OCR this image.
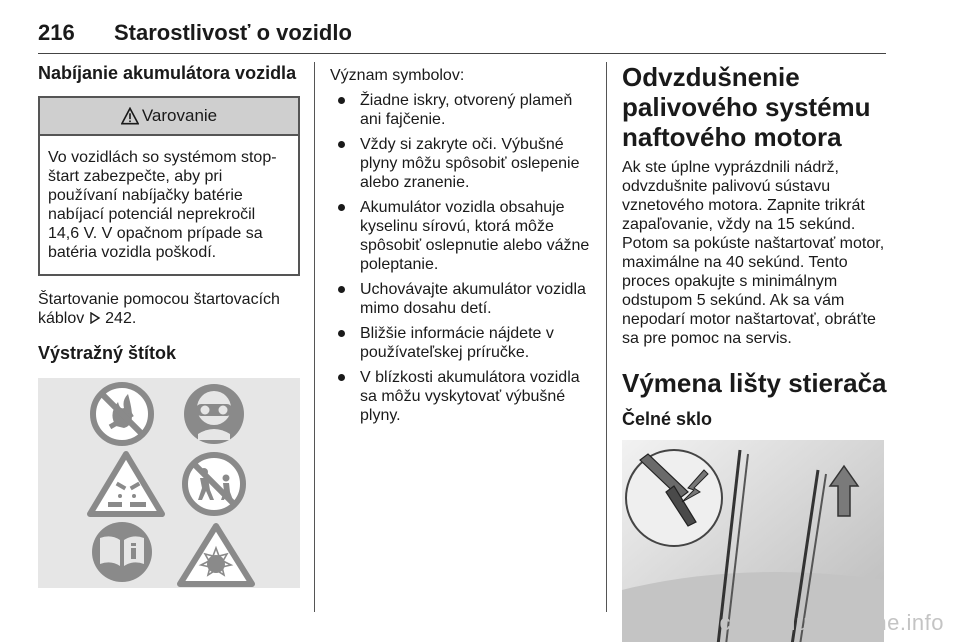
216 Starostlivosť o vozidlo
Nabíjanie akumulátora vozidla
Varovanie
Vo vozidlách so systémom stop-štart zabezpečte, aby pri používaní nabíjačky batérie nabíjací potenciál neprekročil 14,6 V. V opačnom prípade sa batéria vozidla poškodí.

Štartovanie pomocou štartovacích káblov 242.

Výstražný štítok

Význam symbolov:

Žiadne iskry, otvorený plameň ani fajčenie.
Vždy si zakryte oči. Výbušné plyny môžu spôsobiť oslepenie alebo zranenie.
Akumulátor vozidla obsahuje kyselinu sírovú, ktorá môže spôsobiť oslepnutie alebo vážne poleptanie.
Uchovávajte akumulátor vozidla mimo dosahu detí.
Bližšie informácie nájdete v používateľskej príručke.
V blízkosti akumulátora vozidla sa môžu vyskytovať výbušné plyny.
Odvzdušnenie palivového systému naftového motora

Ak ste úplne vyprázdnili nádrž, odvzdušnite palivovú sústavu vznetového motora. Zapnite trikrát zapaľovanie, vždy na 15 sekúnd. Potom sa pokúste naštartovať motor, maximálne na 40 sekúnd. Tento proces opakujte s minimálnym odstupom 5 sekúnd. Ak sa vám nepodarí motor naštartovať, obráťte sa pre pomoc na servis.

Výmena lišty stierača
Čelné sklo
carmanualsonline.info
